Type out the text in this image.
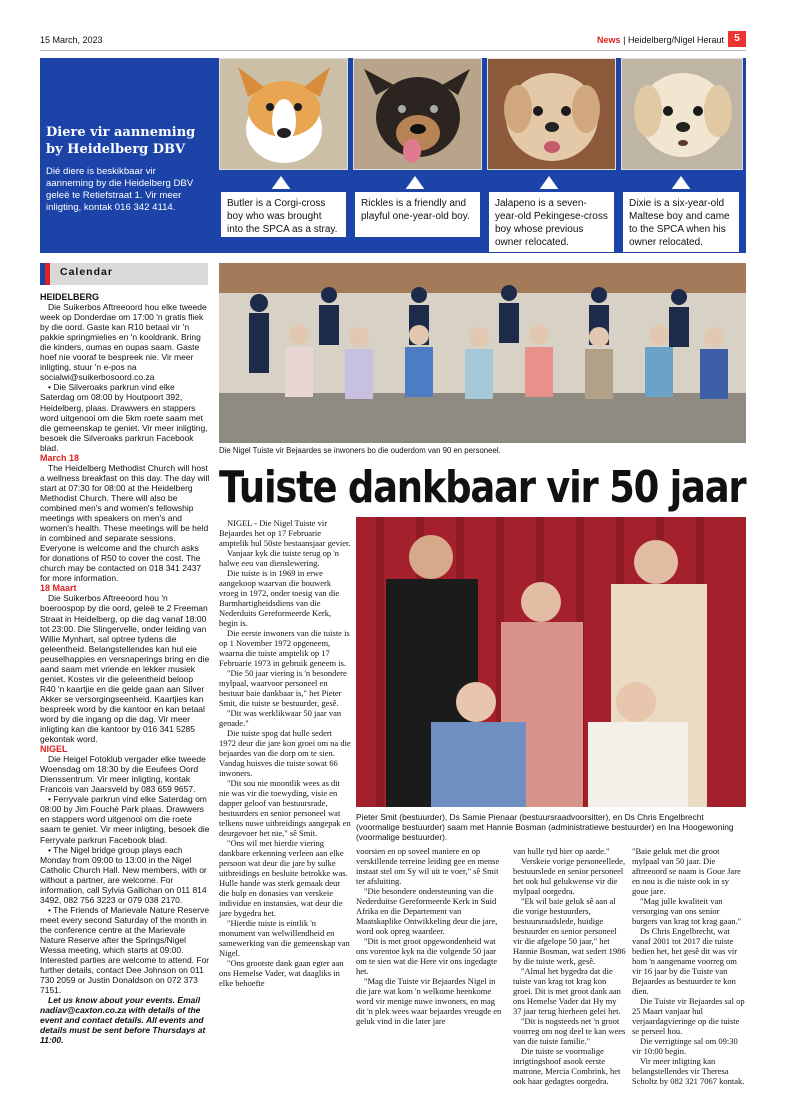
15 March, 2023	News | Heidelberg/Nigel Heraut	5
Diere vir aanneming by Heidelberg DBV
Dié diere is beskikbaar vir aanneming by die Heidelberg DBV geleë te Retiefstraat 1. Vir meer inligting, kontak 016 342 4114.	Butler is a Corgi-cross boy who was brought into the SPCA as a stray.
Rickles is a friendly and playful one-year-old boy.
Jalapeno is a seven-year-old Pekingese-cross boy whose previous owner relocated.
Dixie is a six-year-old Maltese boy and came to the SPCA when his owner relocated.
Calendar
HEIDELBERG

Die Suikerbos Aftreeoord hou elke tweede week op Donderdae om 17:00 'n gratis fliek by die oord. Gaste kan R10 betaal vir 'n pakkie springmielies en 'n kooldrank. Bring die kinders, oumas en oupas saam. Gaste hoef nie vooraf te bespreek nie. Vir meer inligting, stuur 'n e-pos na socialwi@suikerbosoord.co.za

• Die Silveroaks parkrun vind elke Saterdag om 08:00 by Houtpoort 392, Heidelberg, plaas. Drawwers en stappers word uitgenooi om die 5km roete saam met die gemeenskap te geniet. Vir meer inligting, besoek die Silveroaks parkrun Facebook blad.

March 18

The Heidelberg Methodist Church will host a wellness breakfast on this day. The day will start at 07:30 for 08:00 at the Heidelberg Methodist Church. There will also be combined men's and women's fellowship meetings with speakers on men's and women's health. These meetings will be held in combined and separate sessions. Everyone is welcome and the church asks for donations of R50 to cover the cost. The church may be contacted on 018 341 2437 for more information.

18 Maart

Die Suikerbos Aftreeoord hou 'n boeroospop by die oord, geleë te 2 Freeman Straat in Heidelberg, op die dag vanaf 18:00 tot 23:00. Die Slingervelle, onder leiding van Willie Mynhart, sal optree tydens die geleentheid. Belangstellendes kan hul eie peuselhappies en versnaperings bring en die aand saam met vriende en lekker musiek geniet. Kostes vir die geleentheid beloop R40 'n kaartjie en die gelde gaan aan Silver Akker se versorgingseenheid. Kaartjies kan bespreek word by die kantoor en kan betaal word by die ingang op die dag. Vir meer inligting kan die kantoor by 016 341 5285 gekontak word.

NIGEL

Die Heigel Fotoklub vergader elke tweede Woensdag om 18:30 by die Eeufees Oord Dienssentrum. Vir meer inligting, kontak Francois van Jaarsveld by 083 659 9657.

• Ferryvale parkrun vind elke Saterdag om 08:00 by Jim Fouché Park plaas. Drawwers en stappers word uitgenooi om die roete saam te geniet. Vir meer inligting, besoek die Ferryvale parkrun Facebook blad.

• The Nigel bridge group plays each Monday from 09:00 to 13:00 in the Nigel Catholic Church Hall. New members, with or without a partner, are welcome. For information, call Sylvia Gallichan on 011 814 3492, 082 756 3223 or 079 038 2170.

• The Friends of Marievale Nature Reserve meet every second Saturday of the month in the conference centre at the Marievale Nature Reserve after the Springs/Nigel Wessa meeting, which starts at 09:00. Interested parties are welcome to attend. For further details, contact Dee Johnson on 011 730 2059 or Justin Donaldson on 072 373 7151.

Let us know about your events. Email nadiav@caxton.co.za with details of the event and contact details. All events and details must be sent before Thursdays at 11:00.

Die Nigel Tuiste vir Bejaardes se inwoners bo die ouderdom van 90 en personeel.
Tuiste dankbaar vir 50 jaar
Pieter Smit (bestuurder), Ds Samie Pienaar (bestuursraadvoorsitter), en Ds Chris Engelbrecht (voormalige bestuurder) saam met Hannie Bosman (administratiewe bestuurder) en Ina Hoogewoning (voormalige bestuurder).

NIGEL - Die Nigel Tuiste vir Bejaardes het op 17 Februarie amptelik hul 50ste bestaansjaar gevier.

Vanjaar kyk die tuiste terug op 'n halwe eeu van dienslewering.

Die tuiste is in 1969 in erwe aangekoop waarvan die bouwerk vroeg in 1972, onder toesig van die Barmhartigheidsdiens van die Nederduits Gereformeerde Kerk, begin is.

Die eerste inwoners van die tuiste is op 1 November 1972 opgeneem, waarna die tuiste amptelik op 17 Februarie 1973 in gebruik geneem is.

"Die 50 jaar viering is 'n besondere mylpaal, waarvoor personeel en bestuur baie dankbaar is," het Pieter Smit, die tuiste se bestuurder, gesê.

"Dit was werklikwaar 50 jaar van genade."

Die tuiste spog dat hulle sedert 1972 deur die jare kon groei om na die bejaardes van die dorp om te sien. Vandag huisves die tuiste sowat 66 inwoners.

"Dit sou nie moontlik wees as dit nie was vir die toewyding, visie en dapper geloof van bestuursrade, bestuurders en senior personeel wat telkens nuwe uitbreidings aangepak en deurgevoer het nie," sê Smit.

"Ons wil met hierdie viering dankbare erkenning verleen aan elke persoon wat deur die jare by sulke uitbreidings en besluite betrokke was. Hulle hande was sterk gemaak deur die hulp en donasies van verskeie individue en instansies, wat deur die jare bygedra het.

"Hierdie tuiste is eintlik 'n monument van welwillendheid en samewerking van die gemeenskap van Nigel.

"Ons grootste dank gaan egter aan ons Hemelse Vader, wat daagliks in elke behoefte

voorsien en op soveel maniere en op verskillende terreine leiding gee en mense instaat stel om Sy wil uit te voer," sê Smit ter afsluiting.

"Die besondere ondersteuning van die Nederduitse Gereformeerde Kerk in Suid Afrika en die Departement van Maatskaplike Ontwikkeling deur die jare, word ook opreg waardeer.

"Dit is met groot opgewondenheid wat ons vorentoe kyk na die volgende 50 jaar om te sien wat die Here vir ons ingedagte het.

"Mag die Tuiste vir Bejaardes Nigel in die jare wat kom 'n welkome heenkome word vir menige nuwe inwoners, en mag dit 'n plek wees waar bejaardes vreugde en geluk vind in die later jare

van hulle tyd hier op aarde."

Verskeie vorige personeellede, bestuurslede en senior personeel het ook hul gelukwense vir die mylpaal oorgedra.

"Ek wil baie geluk sê aan al die vorige bestuurders, bestuursraadslede, huidige bestuurder en senior personeel vir die afgelope 50 jaar," het Hannie Bosman, wat sedert 1986 by die tuiste werk, gesê.

"Almal het bygedra dat die tuiste van krag tot krag kon groei. Dit is met groot dank aan ons Hemelse Vader dat Hy my 37 jaar terug hierheen gelei het.

"Dit is nogsteeds net 'n groot voorreg om nog deel te kan wees van die tuiste familie."

Die tuiste se voormalige inrigtingshoof asook eerste matrone, Mercia Combrink, het ook haar gedagtes oorgedra.

"Baie geluk met die groot mylpaal van 50 jaar. Die aftreeoord se naam is Goue Jare en nou is die tuiste ook in sy goue jare.

"Mag julle kwaliteit van versorging van ons senior burgers van krag tot krag gaan."

Ds Chris Engelbrecht, wat vanaf 2001 tot 2017 die tuiste bedien het, het gesê dit was vir hom 'n aangename voorreg om vir 16 jaar by die Tuiste van Bejaardes as bestuurder te kon dien.

Die Tuiste vir Bejaardes sal op 25 Maart vanjaar hul verjaardagvieringe op die tuiste se perseel hou.

Die verrigtinge sal om 09:30 vir 10:00 begin.

Vir meer inligting kan belangstellendes vir Theresa Scholtz by 082 321 7067 kontak.
